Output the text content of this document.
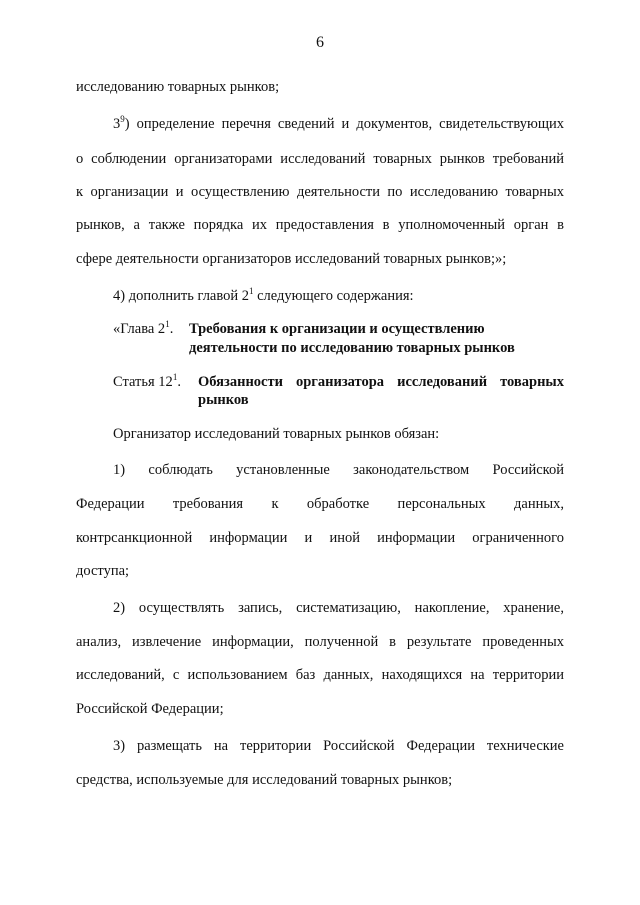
6
исследованию товарных рынков;
$3^9$) определение перечня сведений и документов, свидетельствующих
о соблюдении организаторами исследований товарных рынков требований
к организации и осуществлению деятельности по исследованию товарных
рынков, а также порядка их предоставления в уполномоченный орган в
сфере деятельности организаторов исследований товарных рынков;»;
4) дополнить главой $2^1$ следующего содержания:
«Глава $2^1$. Требования к организации и осуществлению
деятельности по исследованию товарных рынков
Статья $12^1$. Обязанности организатора исследований товарных
рынков
Организатор исследований товарных рынков обязан:
1) соблюдать установленные законодательством Российской
Федерации требования к обработке персональных данных,
контрсанкционной информации и иной информации ограниченного
доступа;
2) осуществлять запись, систематизацию, накопление, хранение,
анализ, извлечение информации, полученной в результате проведенных
исследований, с использованием баз данных, находящихся на территории
Российской Федерации;
3) размещать на территории Российской Федерации технические
средства, используемые для исследований товарных рынков;
